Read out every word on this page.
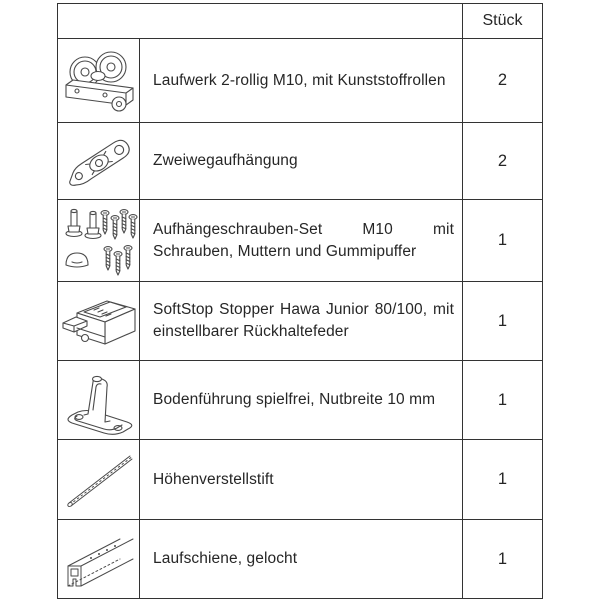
		Stück

	Laufwerk 2-rollig M10, mit Kunststoffrollen	2

	Zweiwegaufhängung	2

	Aufhängeschrauben-Set M10 mit Schrauben, Muttern und Gummipuffer	1

	SoftStop Stopper Hawa Junior 80/100, mit einstellbarer Rückhaltefeder	1

	Bodenführung spielfrei, Nutbreite 10 mm	1

	Höhenverstellstift	1

	Laufschiene, gelocht	1
